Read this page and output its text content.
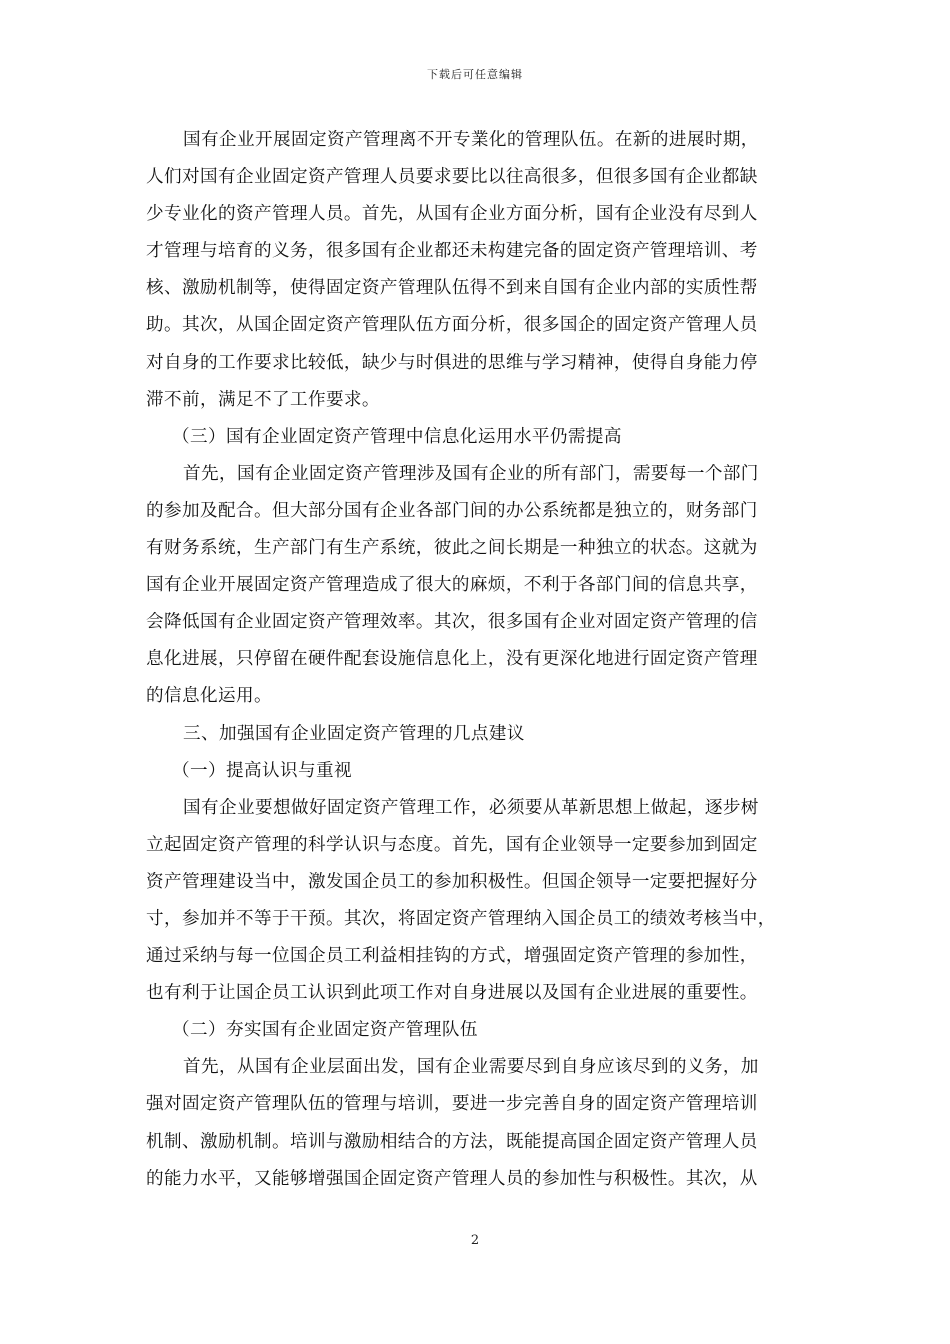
下载后可任意编辑
国有企业开展固定资产管理离不开专業化的管理队伍。在新的进展时期，
人们对国有企业固定资产管理人员要求要比以往高很多，但很多国有企业都缺
少专业化的资产管理人员。首先，从国有企业方面分析，国有企业没有尽到人
才管理与培育的义务，很多国有企业都还未构建完备的固定资产管理培训、考
核、激励机制等，使得固定资产管理队伍得不到来自国有企业内部的实质性帮
助。其次，从国企固定资产管理队伍方面分析，很多国企的固定资产管理人员
对自身的工作要求比较低，缺少与时俱进的思维与学习精神，使得自身能力停
滞不前，满足不了工作要求。
（三）国有企业固定资产管理中信息化运用水平仍需提高
首先，国有企业固定资产管理涉及国有企业的所有部门，需要每一个部门
的参加及配合。但大部分国有企业各部门间的办公系统都是独立的，财务部门
有财务系统，生产部门有生产系统，彼此之间长期是一种独立的状态。这就为
国有企业开展固定资产管理造成了很大的麻烦，不利于各部门间的信息共享，
会降低国有企业固定资产管理效率。其次，很多国有企业对固定资产管理的信
息化进展，只停留在硬件配套设施信息化上，没有更深化地进行固定资产管理
的信息化运用。
三、加强国有企业固定资产管理的几点建议
（一）提高认识与重视
国有企业要想做好固定资产管理工作，必须要从革新思想上做起，逐步树
立起固定资产管理的科学认识与态度。首先，国有企业领导一定要参加到固定
资产管理建设当中，激发国企员工的参加积极性。但国企领导一定要把握好分
寸，参加并不等于干预。其次，将固定资产管理纳入国企员工的绩效考核当中，
通过采纳与每一位国企员工利益相挂钩的方式，增强固定资产管理的参加性，
也有利于让国企员工认识到此项工作对自身进展以及国有企业进展的重要性。
（二）夯实国有企业固定资产管理队伍
首先，从国有企业层面出发，国有企业需要尽到自身应该尽到的义务，加
强对固定资产管理队伍的管理与培训，要进一步完善自身的固定资产管理培训
机制、激励机制。培训与激励相结合的方法，既能提高国企固定资产管理人员
的能力水平，又能够增强国企固定资产管理人员的参加性与积极性。其次，从
2
